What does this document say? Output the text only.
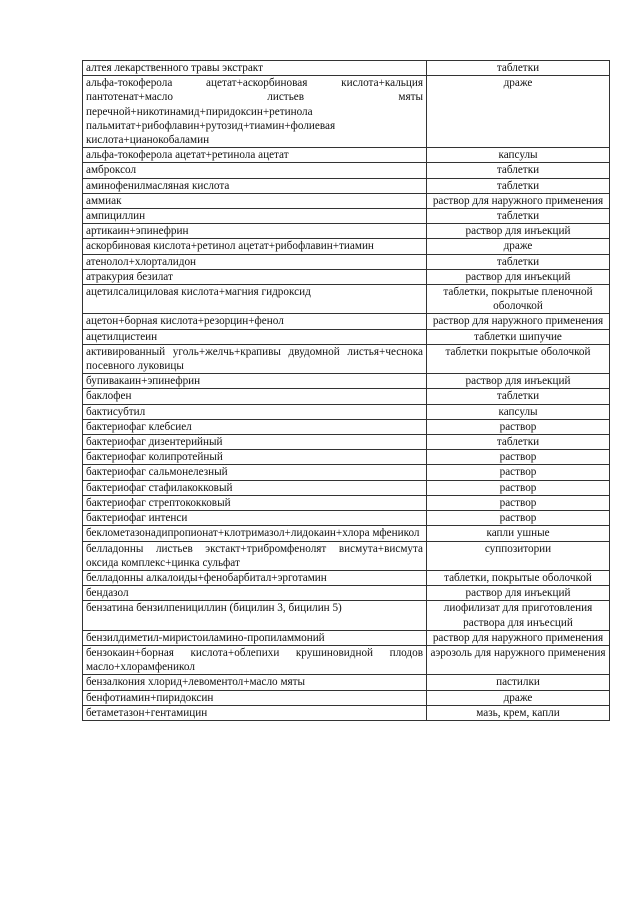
алтея лекарственного травы экстракт	таблетки
альфа-токоферола ацетат+аскорбиновая кислота+кальция пантотенат+масло листьев мяты перечной+никотинамид+пиридоксин+ретинола пальмитат+рибофлавин+рутозид+тиамин+фолиевая кислота+цианокобаламин	драже
альфа-токоферола ацетат+ретинола ацетат	капсулы
амброксол	таблетки
аминофенилмасляная кислота	таблетки
аммиак	раствор для наружного применения
ампициллин	таблетки
артикаин+эпинефрин	раствор для инъекций
аскорбиновая кислота+ретинол ацетат+рибофлавин+тиамин	драже
атенолол+хлорталидон	таблетки
атракурия безилат	раствор для инъекций
ацетилсалициловая кислота+магния гидроксид	таблетки, покрытые пленочной оболочкой
ацетон+борная кислота+резорцин+фенол	раствор для наружного применения
ацетилцистеин	таблетки шипучие
активированный уголь+желчь+крапивы двудомной листья+чеснока посевного луковицы	таблетки покрытые оболочкой
бупивакаин+эпинефрин	раствор для инъекций
баклофен	таблетки
бактисубтил	капсулы
бактериофаг клебсиел	раствор
бактериофаг дизентерийный	таблетки
бактериофаг колипротейный	раствор
бактериофаг сальмонелезный	раствор
бактериофаг стафилакокковый	раствор
бактериофаг стрептококковый	раствор
бактериофаг интенси	раствор
беклометазонадипропионат+клотримазол+лидокаин+хлора мфеникол	капли ушные
белладонны листьев экстакт+трибромфенолят висмута+висмута оксида комплекс+цинка сульфат	суппозитории
белладонны алкалоиды+фенобарбитал+эрготамин	таблетки, покрытые оболочкой
бендазол	раствор для инъекций
бензатина бензилпенициллин (бицилин 3, бицилин 5)	лиофилизат для приготовления раствора для инъесций
бензилдиметил-миристоиламино-пропиламмоний	раствор для наружного применения
бензокаин+борная кислота+облепихи крушиновидной плодов масло+хлорамфеникол	аэрозоль для наружного применения
бензалкония хлорид+левоментол+масло мяты	пастилки
бенфотиамин+пиридоксин	драже
бетаметазон+гентамицин	мазь, крем, капли
